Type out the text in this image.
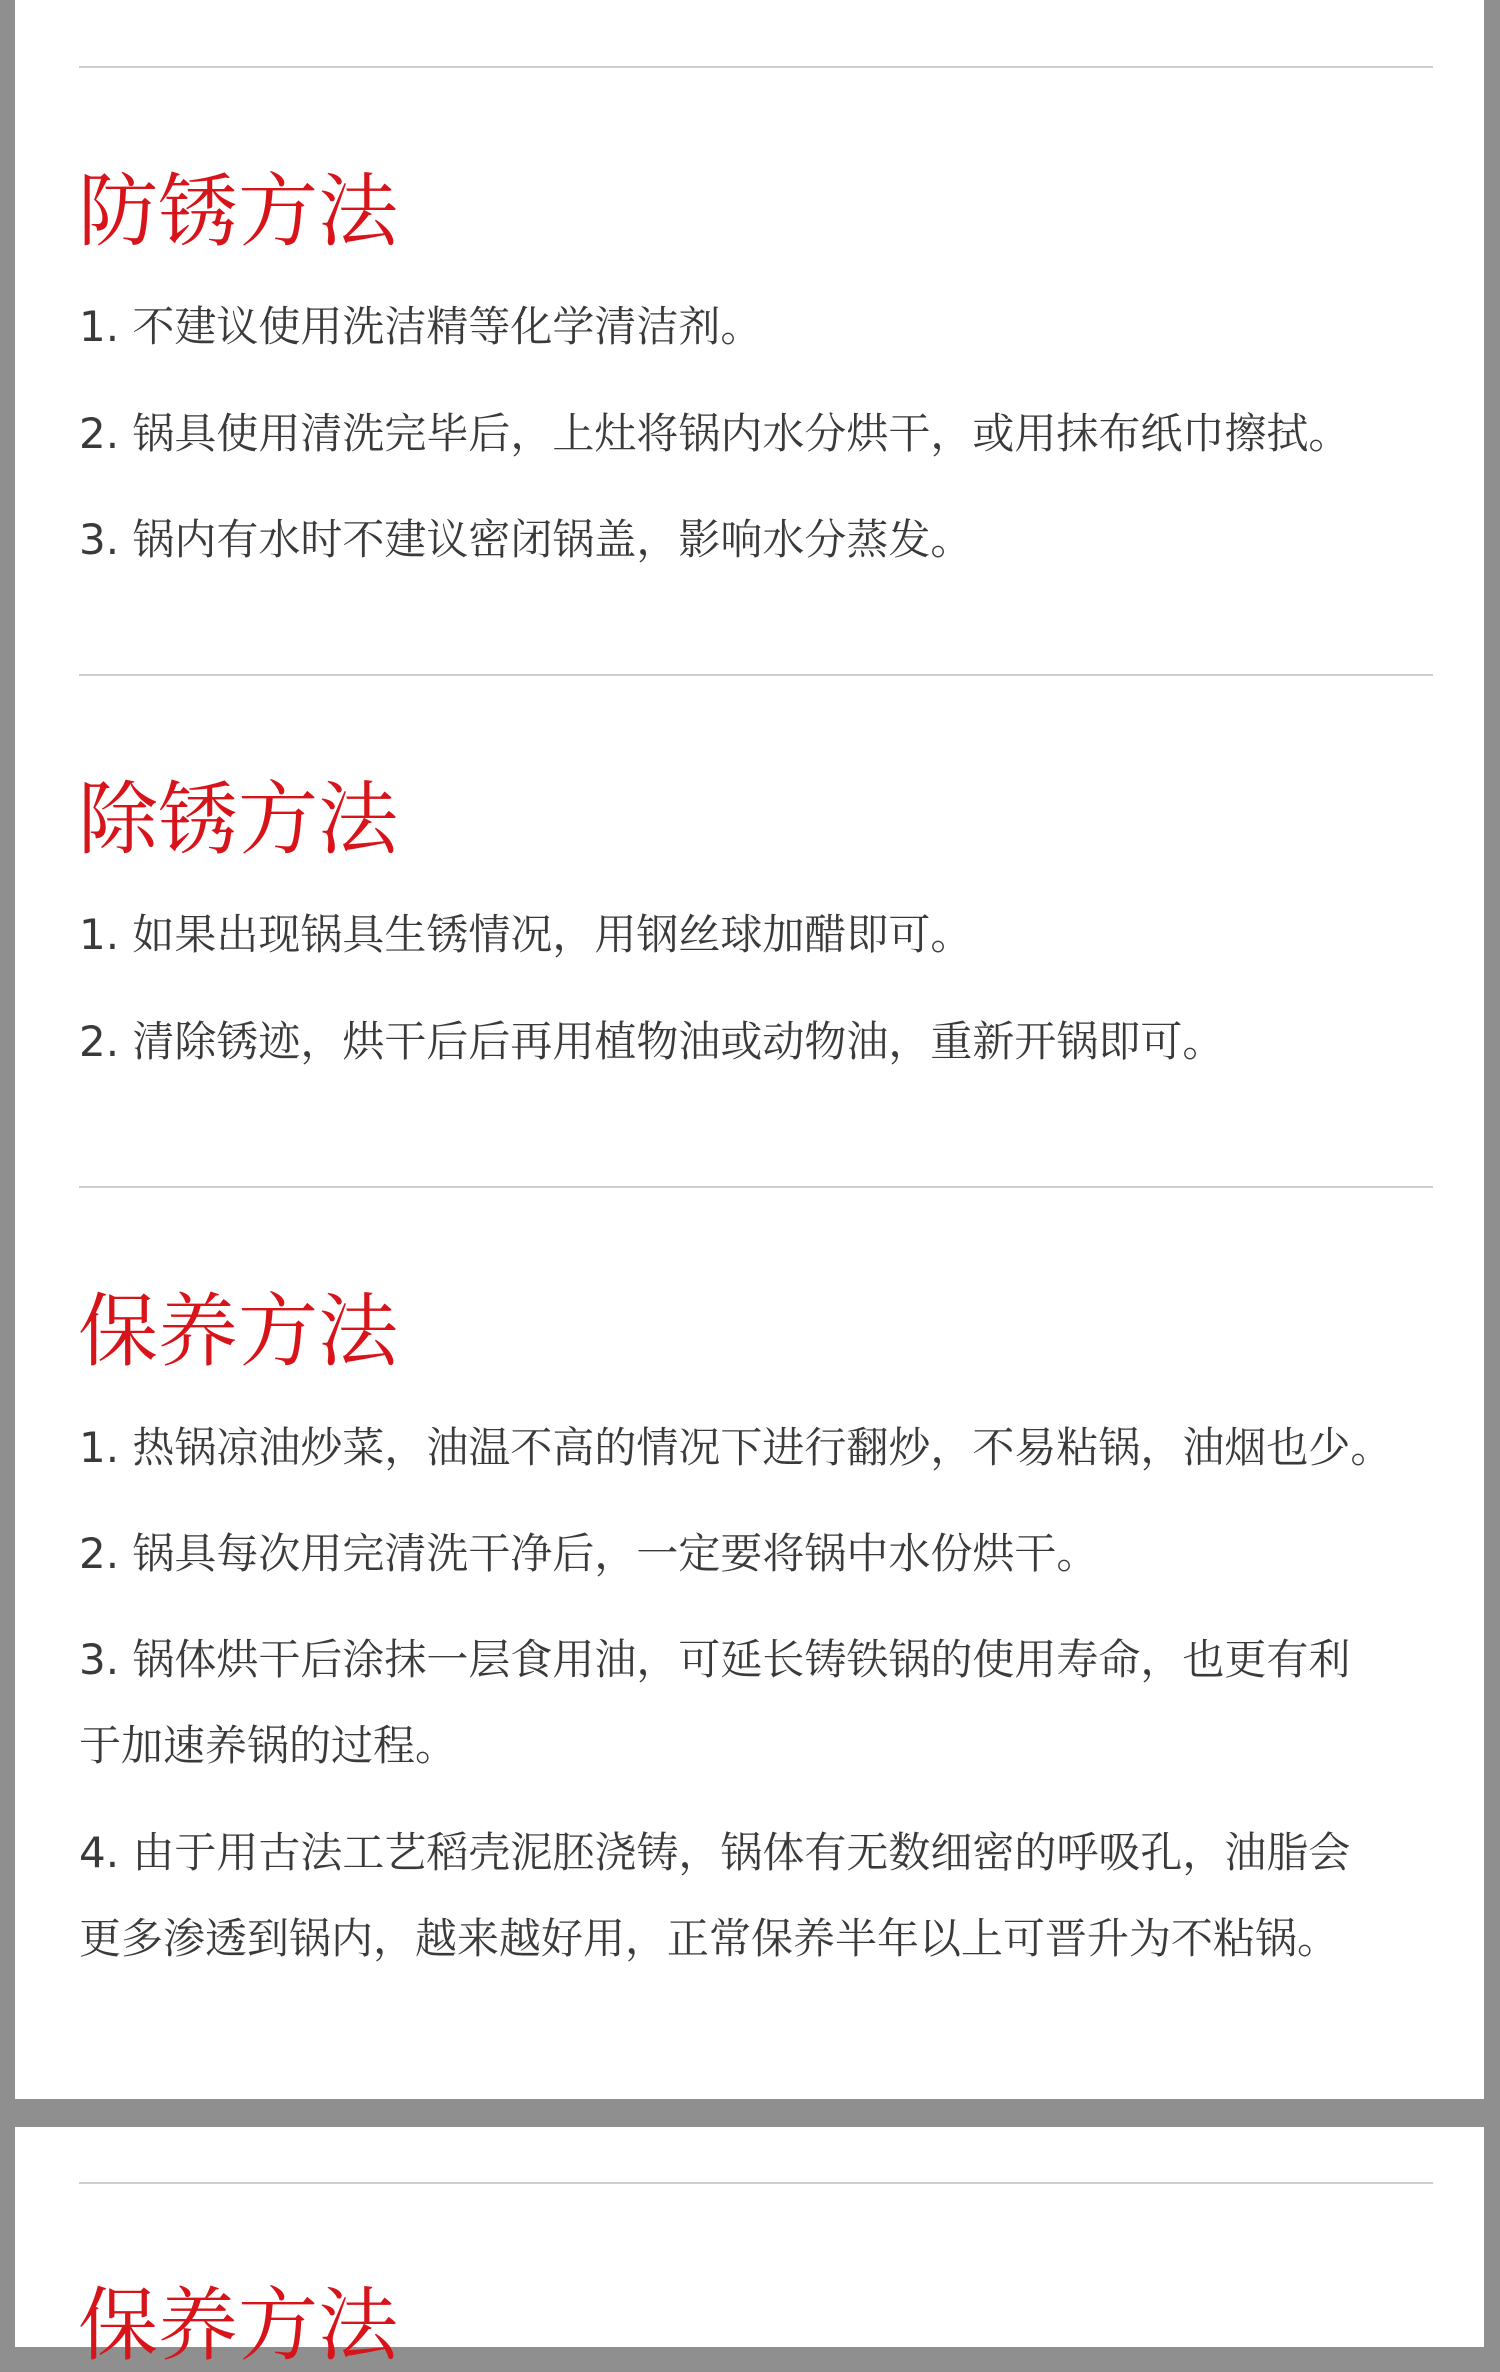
防锈方法

1. 不建议使用洗洁精等化学清洁剂。

2. 锅具使用清洗完毕后，上灶将锅内水分烘干，或用抹布纸巾擦拭。

3. 锅内有水时不建议密闭锅盖，影响水分蒸发。

除锈方法

1. 如果出现锅具生锈情况，用钢丝球加醋即可。

2. 清除锈迹，烘干后后再用植物油或动物油，重新开锅即可。

保养方法

1. 热锅凉油炒菜，油温不高的情况下进行翻炒，不易粘锅，油烟也少。

2. 锅具每次用完清洗干净后，一定要将锅中水份烘干。

3. 锅体烘干后涂抹一层食用油，可延长铸铁锅的使用寿命，也更有利

于加速养锅的过程。

4. 由于用古法工艺稻壳泥胚浇铸，锅体有无数细密的呼吸孔，油脂会

更多渗透到锅内，越来越好用，正常保养半年以上可晋升为不粘锅。

保养方法
